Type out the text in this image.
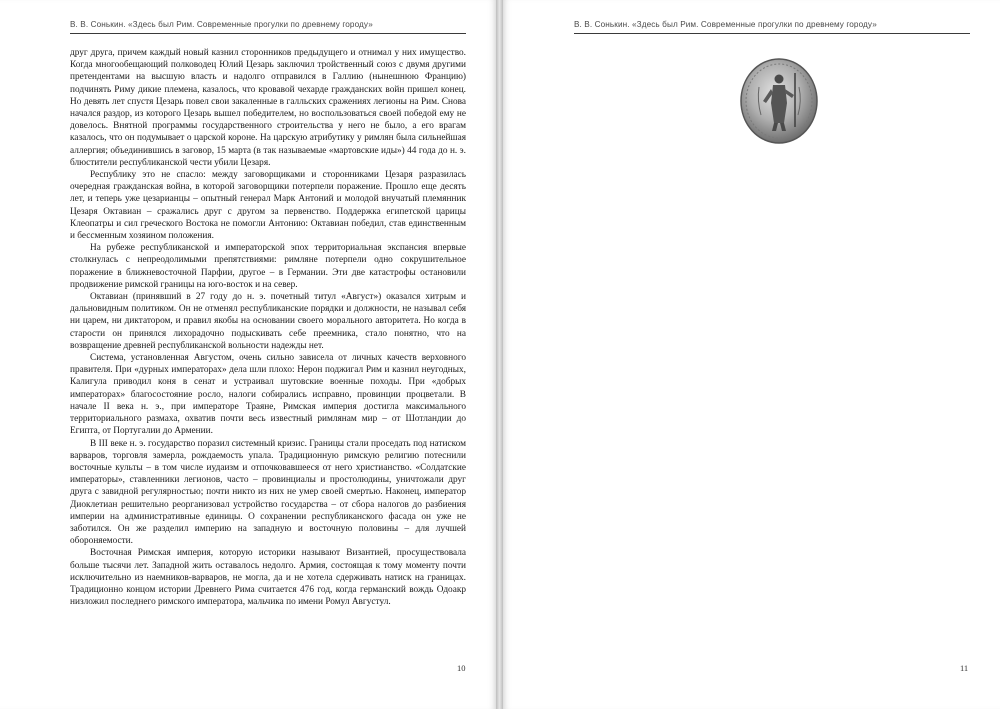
В. В. Сонькин. «Здесь был Рим. Современные прогулки по древнему городу»

друг друга, причем каждый новый казнил сторонников предыдущего и отнимал у них имущество. Когда многообещающий полководец Юлий Цезарь заключил тройственный союз с двумя другими претендентами на высшую власть и надолго отправился в Галлию (нынешнюю Францию) подчинять Риму дикие племена, казалось, что кровавой чехарде гражданских войн пришел конец. Но девять лет спустя Цезарь повел свои закаленные в галльских сражениях легионы на Рим. Снова начался раздор, из которого Цезарь вышел победителем, но воспользоваться своей победой ему не довелось. Внятной программы государственного строительства у него не было, а его врагам казалось, что он подумывает о царской короне. На царскую атрибутику у римлян была сильнейшая аллергия; объединившись в заговор, 15 марта (в так называемые «мартовские иды») 44 года до н. э. блюстители республиканской чести убили Цезаря.

Республику это не спасло: между заговорщиками и сторонниками Цезаря разразилась очередная гражданская война, в которой заговорщики потерпели поражение. Прошло еще десять лет, и теперь уже цезарианцы – опытный генерал Марк Антоний и молодой внучатый племянник Цезаря Октавиан – сражались друг с другом за первенство. Поддержка египетской царицы Клеопатры и сил греческого Востока не помогли Антонию: Октавиан победил, став единственным и бессменным хозяином положения.

На рубеже республиканской и императорской эпох территориальная экспансия впервые столкнулась с непреодолимыми препятствиями: римляне потерпели одно сокрушительное поражение в ближневосточной Парфии, другое – в Германии. Эти две катастрофы остановили продвижение римской границы на юго-восток и на север.

Октавиан (принявший в 27 году до н. э. почетный титул «Август») оказался хитрым и дальновидным политиком. Он не отменял республиканские порядки и должности, не называл себя ни царем, ни диктатором, и правил якобы на основании своего морального авторитета. Но когда в старости он принялся лихорадочно подыскивать себе преемника, стало понятно, что на возвращение древней республиканской вольности надежды нет.

Система, установленная Августом, очень сильно зависела от личных качеств верховного правителя. При «дурных императорах» дела шли плохо: Нерон поджигал Рим и казнил неугодных, Калигула приводил коня в сенат и устраивал шутовские военные походы. При «добрых императорах» благосостояние росло, налоги собирались исправно, провинции процветали. В начале II века н. э., при императоре Траяне, Римская империя достигла максимального территориального размаха, охватив почти весь известный римлянам мир – от Шотландии до Египта, от Португалии до Армении.

В III веке н. э. государство поразил системный кризис. Границы стали проседать под натиском варваров, торговля замерла, рождаемость упала. Традиционную римскую религию потеснили восточные культы – в том числе иудаизм и отпочковавшееся от него христианство. «Солдатские императоры», ставленники легионов, часто – провинциалы и простолюдины, уничтожали друг друга с завидной регулярностью; почти никто из них не умер своей смертью. Наконец, император Диоклетиан решительно реорганизовал устройство государства – от сбора налогов до разбиения империи на административные единицы. О сохранении республиканского фасада он уже не заботился. Он же разделил империю на западную и восточную половины – для лучшей обороняемости.

Восточная Римская империя, которую историки называют Византией, просуществовала больше тысячи лет. Западной жить оставалось недолго. Армия, состоящая к тому моменту почти исключительно из наемников-варваров, не могла, да и не хотела сдерживать натиск на границах. Традиционно концом истории Древнего Рима считается 476 год, когда германский вождь Одоакр низложил последнего римского императора, мальчика по имени Ромул Августул.

10
В. В. Сонькин. «Здесь был Рим. Современные прогулки по древнему городу»
11
